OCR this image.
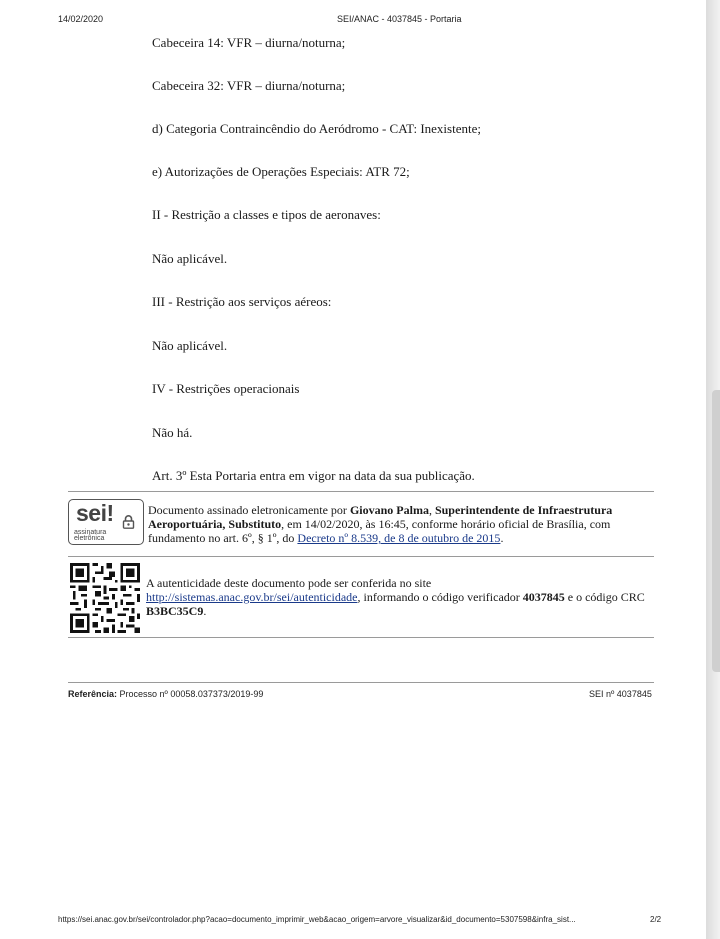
14/02/2020	SEI/ANAC - 4037845 - Portaria
Cabeceira 14: VFR – diurna/noturna;
Cabeceira 32: VFR – diurna/noturna;
d) Categoria Contraincêndio do Aeródromo - CAT: Inexistente;
e) Autorizações de Operações Especiais: ATR 72;
II - Restrição a classes e tipos de aeronaves:
Não aplicável.
III - Restrição aos serviços aéreos:
Não aplicável.
IV - Restrições operacionais
Não há.
Art. 3º Esta Portaria entra em vigor na data da sua publicação.
sei!
assinatura
eletrônica
Documento assinado eletronicamente por Giovano Palma, Superintendente de Infraestrutura Aeroportuária, Substituto, em 14/02/2020, às 16:45, conforme horário oficial de Brasília, com fundamento no art. 6º, § 1º, do Decreto nº 8.539, de 8 de outubro de 2015.
A autenticidade deste documento pode ser conferida no site http://sistemas.anac.gov.br/sei/autenticidade, informando o código verificador 4037845 e o código CRC B3BC35C9.
Referência: Processo nº 00058.037373/2019-99	SEI nº 4037845
https://sei.anac.gov.br/sei/controlador.php?acao=documento_imprimir_web&acao_origem=arvore_visualizar&id_documento=5307598&infra_sist...	2/2
